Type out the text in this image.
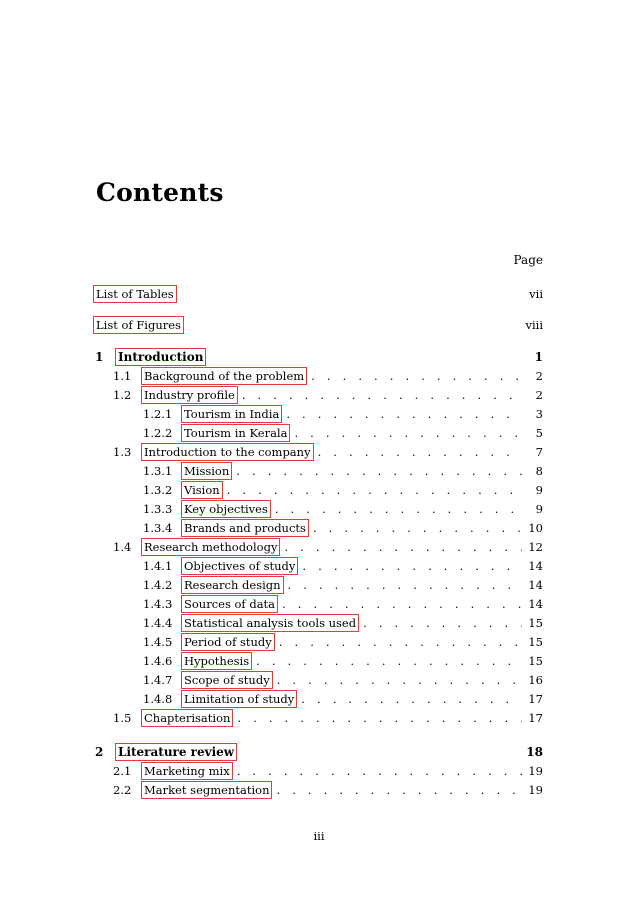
Contents
Page
List of Tables	vii
List of Figures	viii
1	Introduction	1
1.1	Background of the problem . . .	2
1.2	Industry profile . . .	2
1.2.1	Tourism in India . . .	3
1.2.2	Tourism in Kerala . . .	5
1.3	Introduction to the company . . .	7
1.3.1	Mission . . .	8
1.3.2	Vision . . .	9
1.3.3	Key objectives . . .	9
1.3.4	Brands and products . . .	10
1.4	Research methodology . . .	12
1.4.1	Objectives of study . . .	14
1.4.2	Research design . . .	14
1.4.3	Sources of data . . .	14
1.4.4	Statistical analysis tools used . . .	15
1.4.5	Period of study . . .	15
1.4.6	Hypothesis . . .	15
1.4.7	Scope of study . . .	16
1.4.8	Limitation of study . . .	17
1.5	Chapterisation . . .	17
2	Literature review	18
2.1	Marketing mix . . .	19
2.2	Market segmentation . . .	19
iii
